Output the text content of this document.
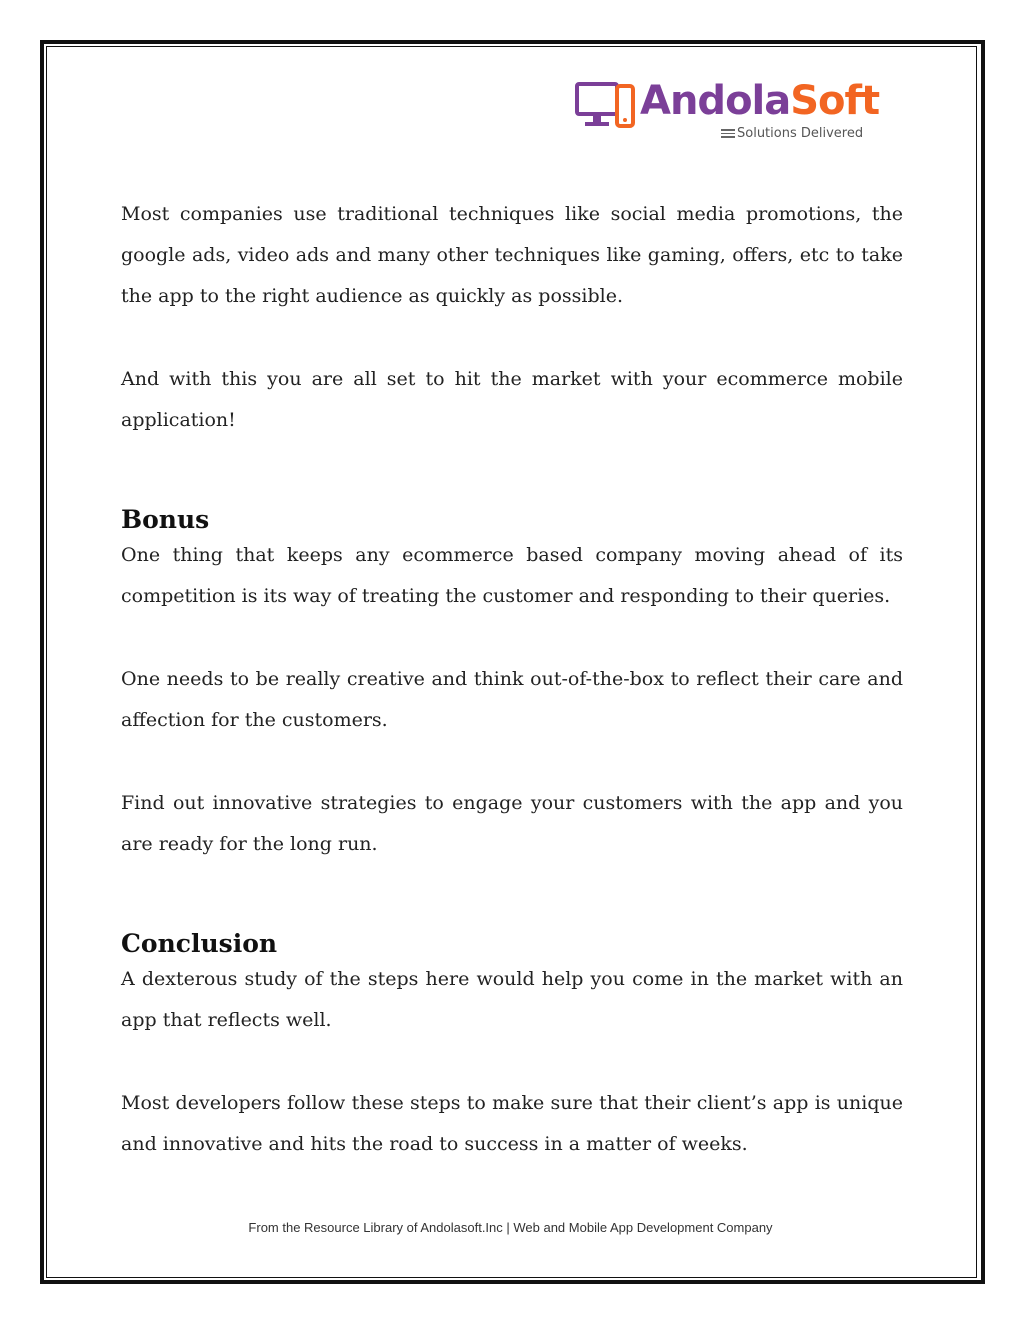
AndolaSoft
Solutions Delivered

Most companies use traditional techniques like social media promotions, the google ads, video ads and many other techniques like gaming, offers, etc to take the app to the right audience as quickly as possible.

And with this you are all set to hit the market with your ecommerce mobile application!

Bonus

One thing that keeps any ecommerce based company moving ahead of its competition is its way of treating the customer and responding to their queries.

One needs to be really creative and think out-of-the-box to reflect their care and affection for the customers.

Find out innovative strategies to engage your customers with the app and you are ready for the long run.

Conclusion

A dexterous study of the steps here would help you come in the market with an app that reflects well.

Most developers follow these steps to make sure that their client’s app is unique and innovative and hits the road to success in a matter of weeks.

From the Resource Library of Andolasoft.Inc | Web and Mobile App Development Company
